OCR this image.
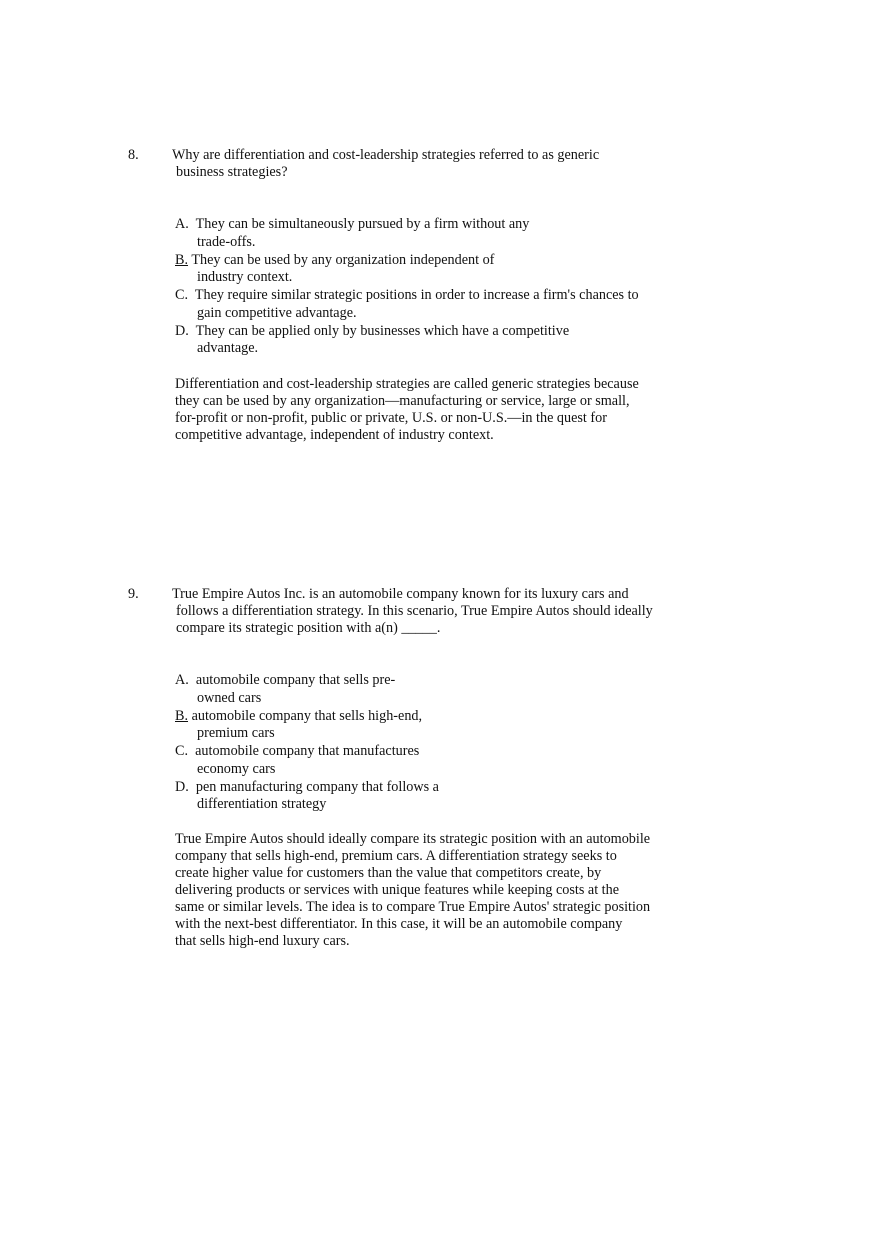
8. Why are differentiation and cost-leadership strategies referred to as generic
business strategies?
A. They can be simultaneously pursued by a firm without any
trade-offs.
B. They can be used by any organization independent of
industry context.
C. They require similar strategic positions in order to increase a firm's chances to
gain competitive advantage.
D. They can be applied only by businesses which have a competitive
advantage.
Differentiation and cost-leadership strategies are called generic strategies because
they can be used by any organization—manufacturing or service, large or small,
for-profit or non-profit, public or private, U.S. or non-U.S.—in the quest for
competitive advantage, independent of industry context.
9. True Empire Autos Inc. is an automobile company known for its luxury cars and
follows a differentiation strategy. In this scenario, True Empire Autos should ideally
compare its strategic position with a(n) _____.
A. automobile company that sells pre-
owned cars
B. automobile company that sells high-end,
premium cars
C. automobile company that manufactures
economy cars
D. pen manufacturing company that follows a
differentiation strategy
True Empire Autos should ideally compare its strategic position with an automobile
company that sells high-end, premium cars. A differentiation strategy seeks to
create higher value for customers than the value that competitors create, by
delivering products or services with unique features while keeping costs at the
same or similar levels. The idea is to compare True Empire Autos' strategic position
with the next-best differentiator. In this case, it will be an automobile company
that sells high-end luxury cars.
